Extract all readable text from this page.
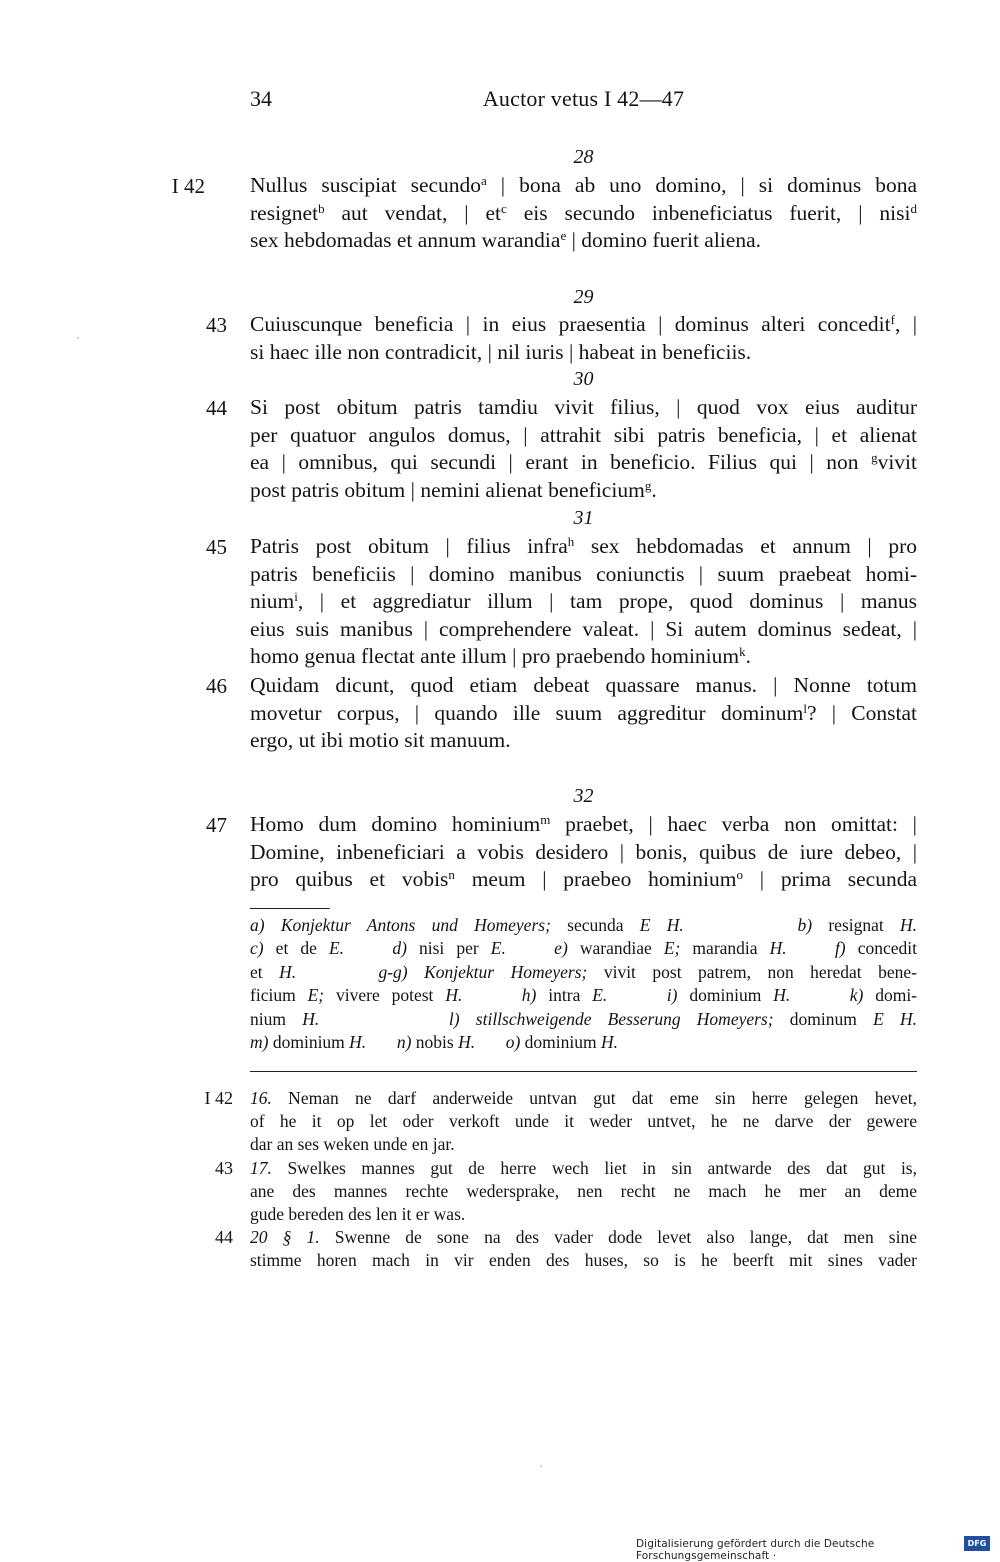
34	Auctor vetus I 42—47
28
I 42 Nullus suscipiat secundo$^a$ | bona ab uno domino, | si dominus bona
resignet$^b$ aut vendat, | $et^c$ eis secundo inbeneficiatus fuerit, | nisi$^d$
sex hebdomadas et annum warandia$^e$ | domino fuerit aliena.
29
43 Cuiuscunque beneficia | in eius praesentia | dominus alteri concedit$^f$, |
si haec ille non contradicit, | nil iuris | habeat in beneficiis.
30
44 Si post obitum patris tamdiu vivit filius, | quod vox eius auditur
per quatuor angulos domus, | attrahit sibi patris beneficia, | et alienat
ea | omnibus, qui secundi | erant in beneficio. Filius qui | non $^g$vivit
post patris obitum | nemini alienat beneficium$^g$.
31
45 Patris post obitum | filius infra$^h$ sex hebdomadas et annum | pro
patris beneficiis | domino manibus coniunctis | suum praebeat homi-
nium$^i$, | et aggrediatur illum | tam prope, quod dominus | manus
eius suis manibus | comprehendere valeat. | Si autem dominus sedeat, |
homo genua flectat ante illum | pro praebendo hominium$^k$.
46 Quidam dicunt, quod etiam debeat quassare manus. | Nonne totum
movetur corpus, | quando ille suum aggreditur dominum$^l$? | Constat
ergo, ut ibi motio sit manuum.
32
47 Homo dum domino hominium$^m$ praebet, | haec verba non omittat: |
Domine, inbeneficiari a vobis desidero | bonis, quibus de iure debeo, |
pro quibus et vobis$^n$ meum | praebeo hominium$^o$ | prima secunda
a) Konjektur Antons und Homeyers; secunda E H.	b) resignat H.
c) et de E.	d) nisi per E.	e) warandiae E; marandia H.	f) concedit
et H.	g-g) Konjektur Homeyers; vivit post patrem, non heredat bene-
ficium E; vivere potest H.	h) intra E.	i) dominium H.	k) domi-
nium H.	l) stillschweigende Besserung Homeyers; dominum E H.
m) dominium H. n) nobis H. o) dominium H.
I 42 16. Neman ne darf anderweide untvan gut dat eme sin herre gelegen hevet,
of he it op let oder verkoft unde it weder untvet, he ne darve der gewere
dar an ses weken unde en jar.
43 17. Swelkes mannes gut de herre wech liet in sin antwarde des dat gut is,
ane des mannes rechte wedersprake, nen recht ne mach he mer an deme
gude bereden des len it er was.
44 20 § 1. Swenne de sone na des vader dode levet also lange, dat men sine
stimme horen mach in vir enden des huses, so is he beerft mit sines vader
Digitalisierung gefördert durch die Deutsche Forschungsgemeinschaft ·
DFG
